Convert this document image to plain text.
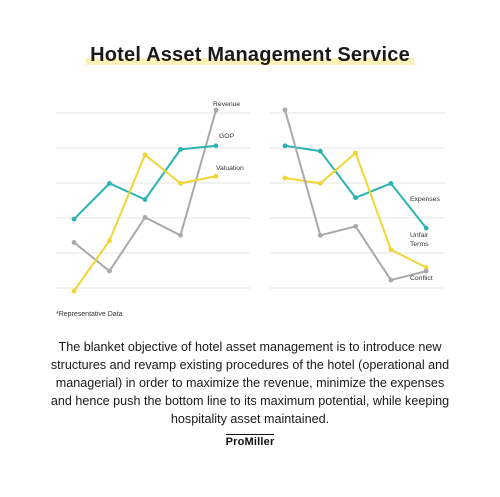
Hotel Asset Management Service
Revenue
GOP
Valuation
Expenses
Unfair Terms
Conflict
*Representative Data
The blanket objective of hotel asset management is to introduce new structures and revamp existing procedures of the hotel (operational and managerial) in order to maximize the revenue, minimize the expenses and hence push the bottom line to its maximum potential, while keeping hospitality asset maintained.
ProMiller
